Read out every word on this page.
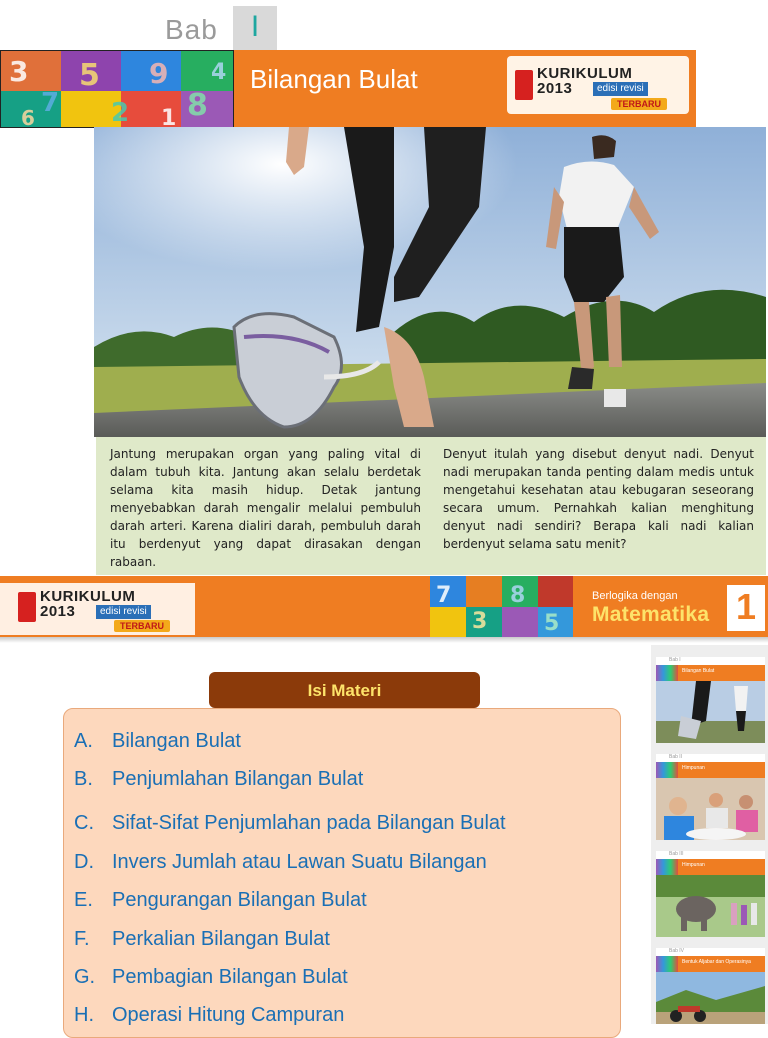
Bab	I
3
7
5
2
9
8
4
6	1
Bilangan Bulat	KURIKULUM
2013	edisi revisi
TERBARU
Jantung merupakan organ yang paling vital di dalam tubuh kita. Jantung akan selalu berdetak selama kita masih hidup. Detak jantung menyebabkan darah mengalir melalui pembuluh darah arteri. Karena dialiri darah, pembuluh darah itu berdenyut yang dapat dirasakan dengan rabaan.
Denyut itulah yang disebut denyut nadi. Denyut nadi merupakan tanda penting dalam medis untuk mengetahui kesehatan atau kebugaran seseorang secara umum. Pernahkah kalian menghitung denyut nadi sendiri? Berapa kali nadi kalian berdenyut selama satu menit?
KURIKULUM
2013	edisi revisi
TERBARU
7
3
8
5
Berlogika dengan
Matematika 1
Isi Materi
A. Bilangan Bulat
B. Penjumlahan Bilangan Bulat
C. Sifat-Sifat Penjumlahan pada Bilangan Bulat
D. Invers Jumlah atau Lawan Suatu Bilangan
E. Pengurangan Bilangan Bulat
F. Perkalian Bilangan Bulat
G. Pembagian Bilangan Bulat
H. Operasi Hitung Campuran
Bab I
Bilangan Bulat
Bab II
Himpunan
Bab III
Himpunan
Bab IV
Bentuk Aljabar dan Operasinya
